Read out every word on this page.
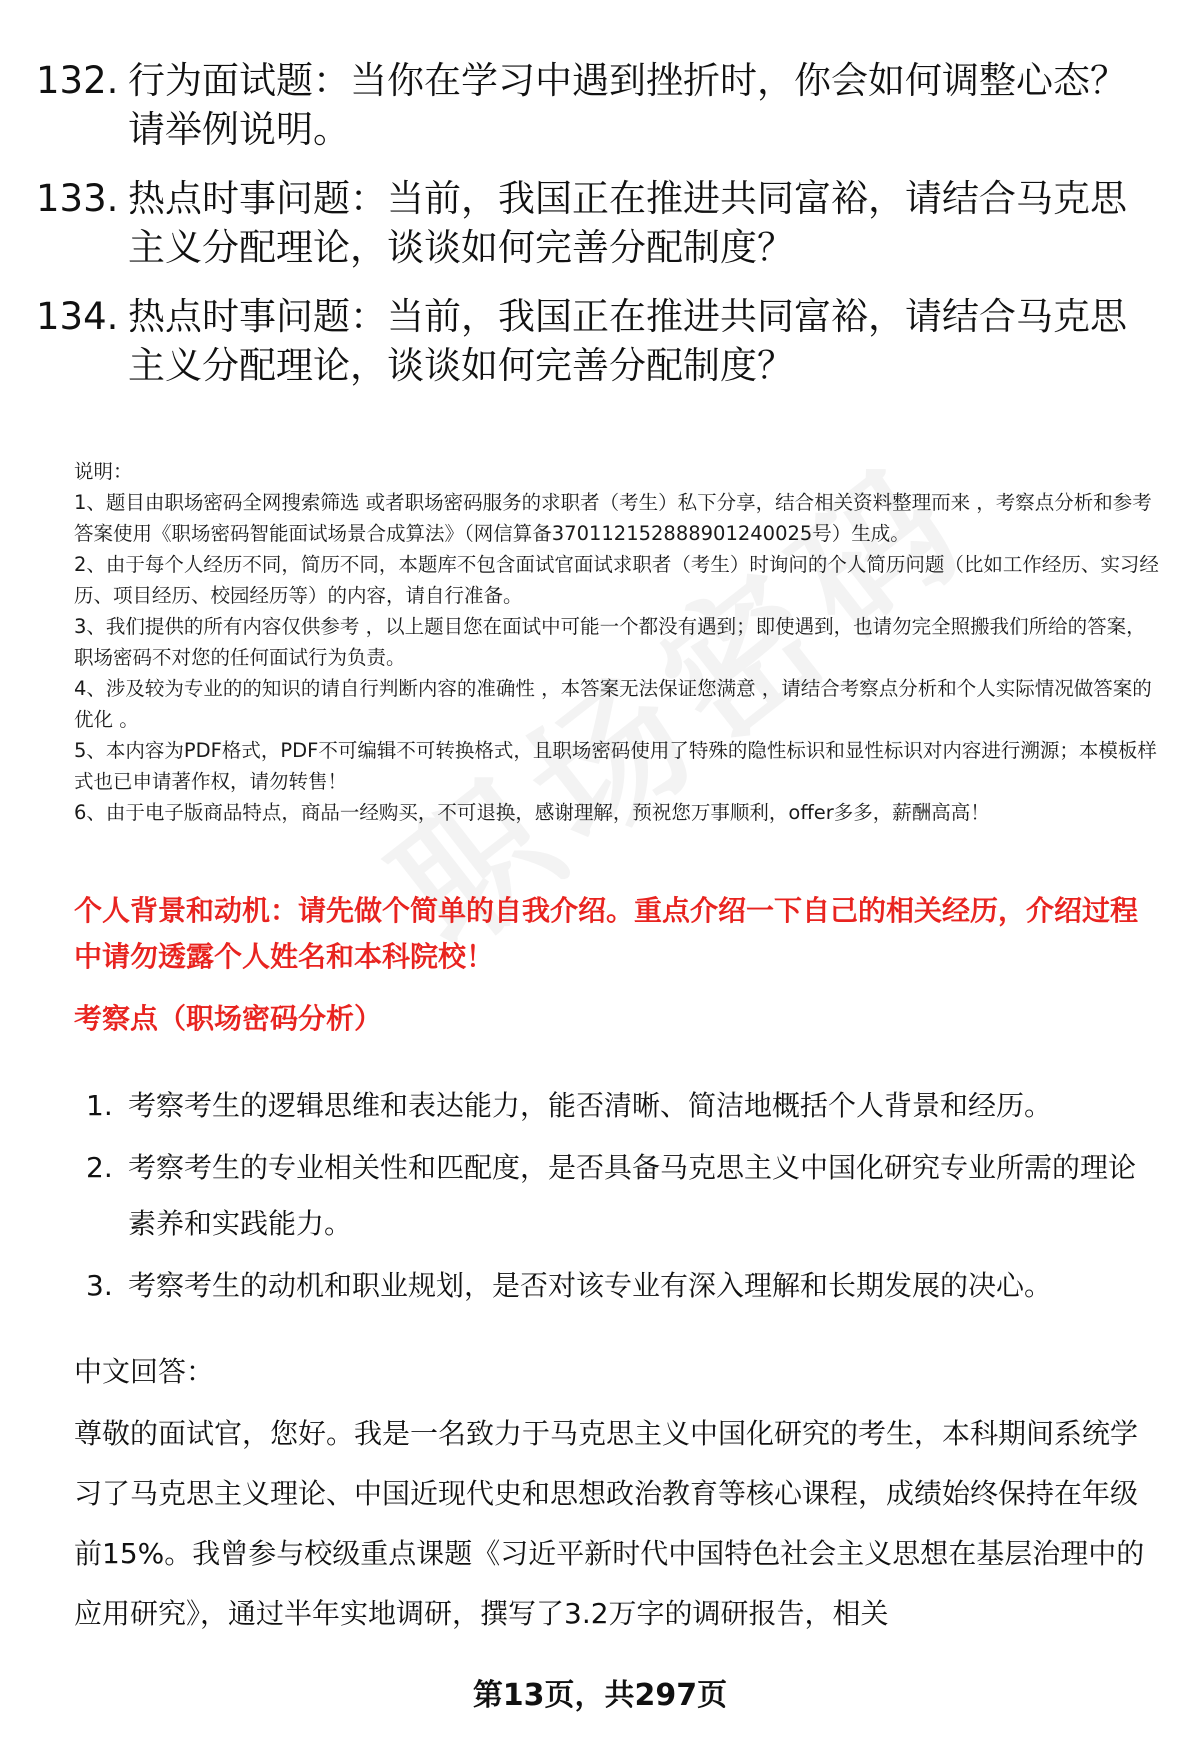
132. 行为面试题：当你在学习中遇到挫折时，你会如何调整心态？请举例说明。
133. 热点时事问题：当前，我国正在推进共同富裕，请结合马克思主义分配理论，谈谈如何完善分配制度？
134. 热点时事问题：当前，我国正在推进共同富裕，请结合马克思主义分配理论，谈谈如何完善分配制度？

说明：

1、题目由职场密码全网搜索筛选 或者职场密码服务的求职者（考生）私下分享，结合相关资料整理而来 ，考察点分析和参考答案使用《职场密码智能面试场景合成算法》（网信算备370112152888901240025号）生成。

2、由于每个人经历不同，简历不同，本题库不包含面试官面试求职者（考生）时询问的个人简历问题（比如工作经历、实习经历、项目经历、校园经历等）的内容，请自行准备。

3、我们提供的所有内容仅供参考 ，以上题目您在面试中可能一个都没有遇到；即使遇到，也请勿完全照搬我们所给的答案，职场密码不对您的任何面试行为负责。

4、涉及较为专业的的知识的请自行判断内容的准确性 ，本答案无法保证您满意 ，请结合考察点分析和个人实际情况做答案的优化 。

5、本内容为PDF格式，PDF不可编辑不可转换格式，且职场密码使用了特殊的隐性标识和显性标识对内容进行溯源；本模板样式也已申请著作权，请勿转售！

6、由于电子版商品特点，商品一经购买，不可退换，感谢理解，预祝您万事顺利，offer多多，薪酬高高！

个人背景和动机：请先做个简单的自我介绍。重点介绍一下自己的相关经历，介绍过程中请勿透露个人姓名和本科院校！
考察点（职场密码分析）
1. 考察考生的逻辑思维和表达能力，能否清晰、简洁地概括个人背景和经历。
2. 考察考生的专业相关性和匹配度，是否具备马克思主义中国化研究专业所需的理论素养和实践能力。
3. 考察考生的动机和职业规划，是否对该专业有深入理解和长期发展的决心。
中文回答：
尊敬的面试官，您好。我是一名致力于马克思主义中国化研究的考生，本科期间系统学习了马克思主义理论、中国近现代史和思想政治教育等核心课程，成绩始终保持在年级前15%。我曾参与校级重点课题《习近平新时代中国特色社会主义思想在基层治理中的应用研究》，通过半年实地调研，撰写了3.2万字的调研报告，相关
第13页，共297页
